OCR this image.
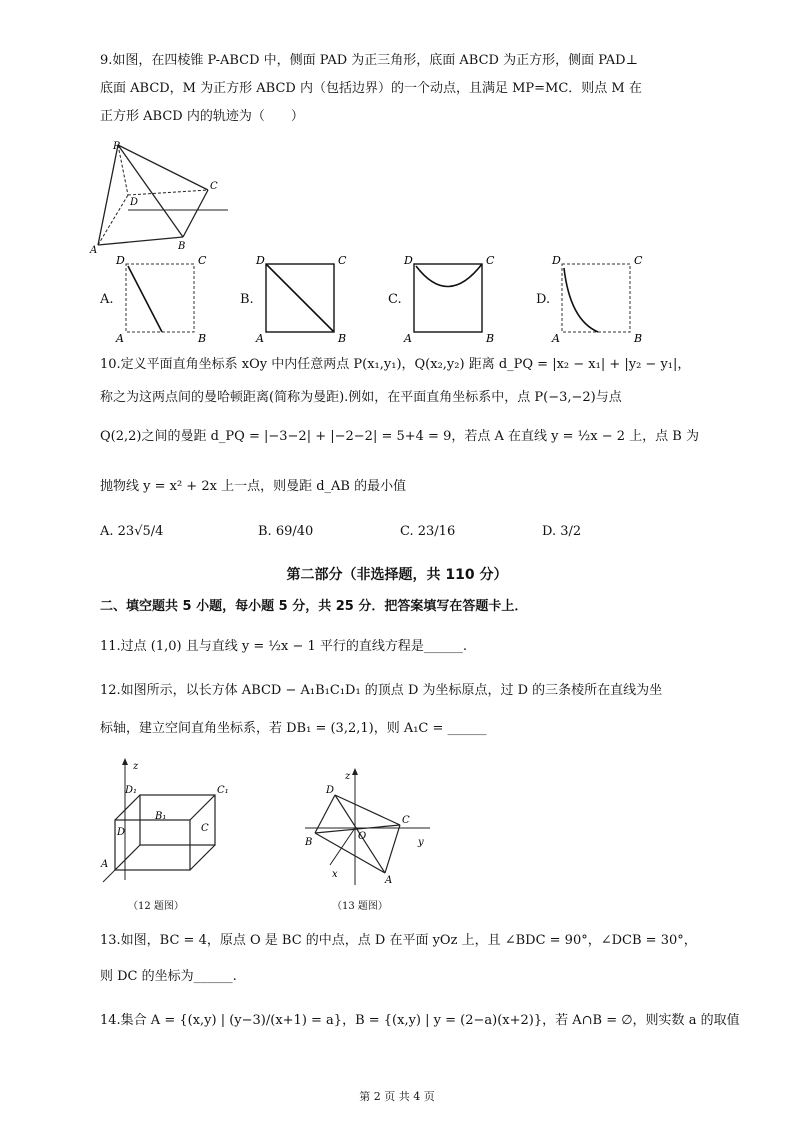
9.如图，在四棱锥 P-ABCD 中，侧面 PAD 为正三角形，底面 ABCD 为正方形，侧面 PAD⊥
底面 ABCD，M 为正方形 ABCD 内（包括边界）的一个动点，且满足 MP=MC．则点 M 在
正方形 ABCD 内的轨迹为（　　）
P
A	B
C
D
A.
D	C
A	B
B.
D	C
A	B
C.
D	C
A	B
D.
D	C
A	B
10.定义平面直角坐标系 xOy 中内任意两点 P(x₁,y₁)，Q(x₂,y₂) 距离 d_PQ = |x₂ − x₁| + |y₂ − y₁|，
称之为这两点间的曼哈顿距离(简称为曼距).例如，在平面直角坐标系中，点 P(−3,−2)与点
Q(2,2)之间的曼距 d_PQ = |−3−2| + |−2−2| = 5+4 = 9，若点 A 在直线 y = ½x − 2 上，点 B 为
抛物线 y = x² + 2x 上一点，则曼距 d_AB 的最小值
A. 23√5/4	B. 69/40	C. 23/16	D. 3/2
第二部分（非选择题，共 110 分）
二、填空题共 5 小题，每小题 5 分，共 25 分．把答案填写在答题卡上．
11.过点 (1,0) 且与直线 y = ½x − 1 平行的直线方程是______.
12.如图所示，以长方体 ABCD − A₁B₁C₁D₁ 的顶点 D 为坐标原点，过 D 的三条棱所在直线为坐
标轴，建立空间直角坐标系，若 DB₁ = (3,2,1)，则 A₁C = ______
z
D₁	C₁
B₁
D	C
A
（12 题图）
z
y
x
D
C
B
O
A
（13 题图）
13.如图，BC = 4，原点 O 是 BC 的中点，点 D 在平面 yOz 上，且 ∠BDC = 90°，∠DCB = 30°，
则 DC 的坐标为______.
14.集合 A = {(x,y) | (y−3)/(x+1) = a}，B = {(x,y) | y = (2−a)(x+2)}，若 A∩B = ∅，则实数 a 的取值
第 2 页 共 4 页
